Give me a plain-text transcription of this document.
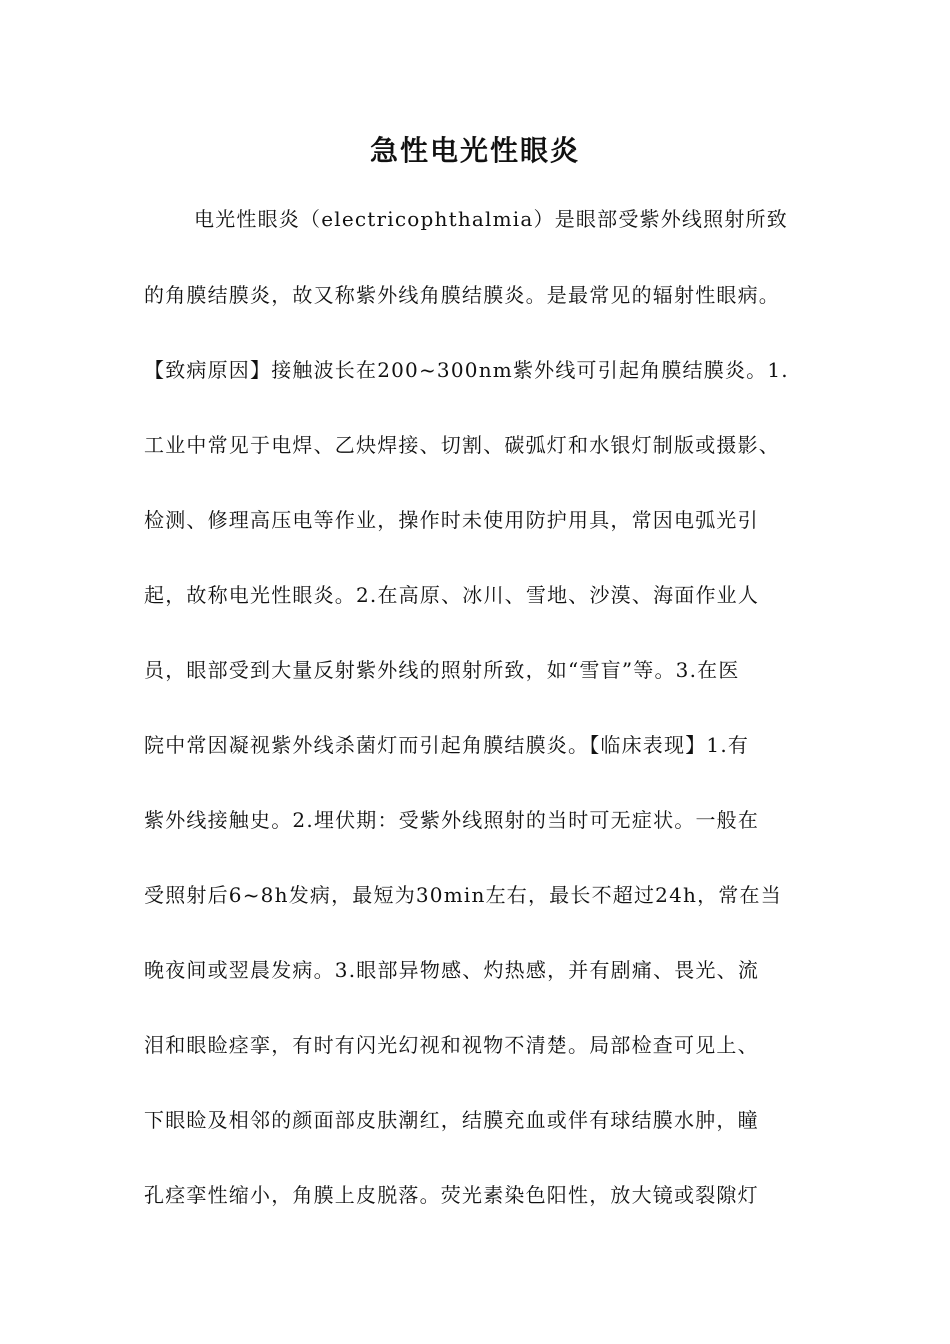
急性电光性眼炎
电光性眼炎（electricophthalmia）是眼部受紫外线照射所致
的角膜结膜炎，故又称紫外线角膜结膜炎。是最常见的辐射性眼病。
【致病原因】接触波长在200~300nm紫外线可引起角膜结膜炎。1.
工业中常见于电焊、乙炔焊接、切割、碳弧灯和水银灯制版或摄影、
检测、修理高压电等作业，操作时未使用防护用具，常因电弧光引
起，故称电光性眼炎。2.在高原、冰川、雪地、沙漠、海面作业人
员，眼部受到大量反射紫外线的照射所致，如“雪盲”等。3.在医
院中常因凝视紫外线杀菌灯而引起角膜结膜炎。【临床表现】1.有
紫外线接触史。2.埋伏期：受紫外线照射的当时可无症状。一般在
受照射后6~8h发病，最短为30min左右，最长不超过24h，常在当
晚夜间或翌晨发病。3.眼部异物感、灼热感，并有剧痛、畏光、流
泪和眼睑痉挛，有时有闪光幻视和视物不清楚。局部检查可见上、
下眼睑及相邻的颜面部皮肤潮红，结膜充血或伴有球结膜水肿，瞳
孔痉挛性缩小，角膜上皮脱落。荧光素染色阳性，放大镜或裂隙灯
